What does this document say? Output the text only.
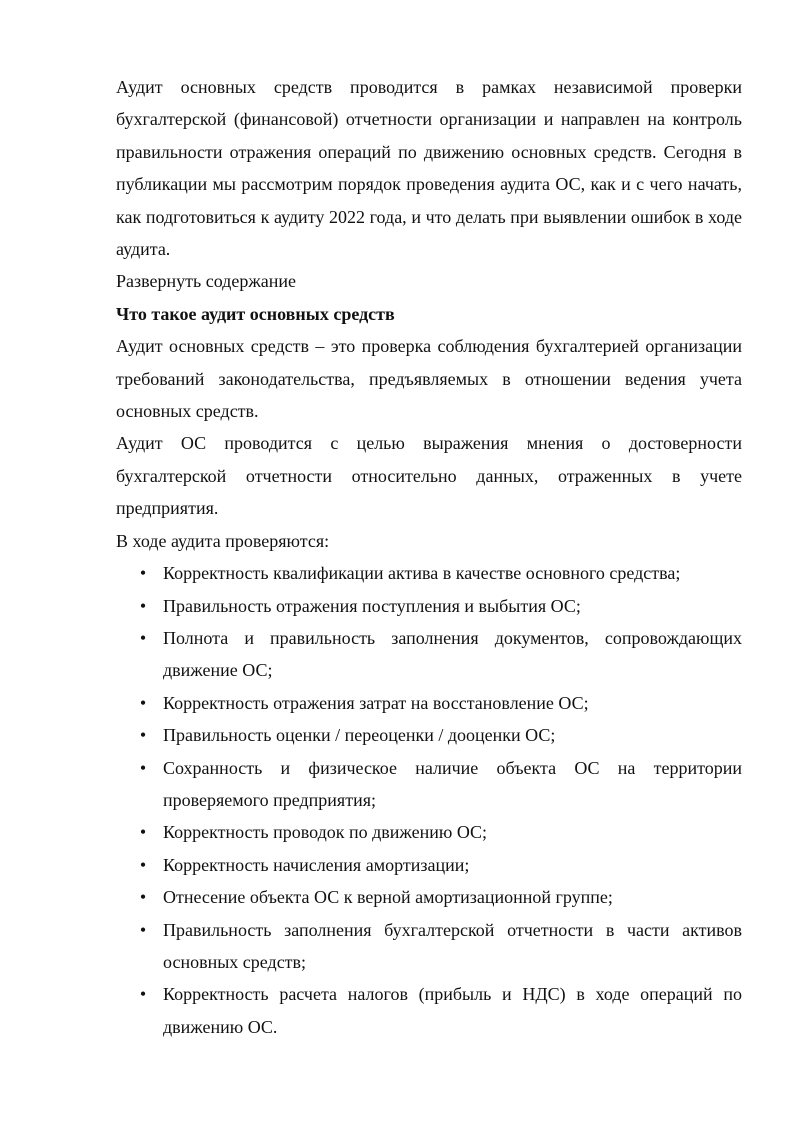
Аудит основных средств проводится в рамках независимой проверки бухгалтерской (финансовой) отчетности организации и направлен на контроль правильности отражения операций по движению основных средств. Сегодня в публикации мы рассмотрим порядок проведения аудита ОС, как и с чего начать, как подготовиться к аудиту 2022 года, и что делать при выявлении ошибок в ходе аудита.

Развернуть содержание

Что такое аудит основных средств

Аудит основных средств – это проверка соблюдения бухгалтерией организации требований законодательства, предъявляемых в отношении ведения учета основных средств.

Аудит ОС проводится с целью выражения мнения о достоверности бухгалтерской отчетности относительно данных, отраженных в учете предприятия.

В ходе аудита проверяются:

• Корректность квалификации актива в качестве основного средства;
• Правильность отражения поступления и выбытия ОС;
• Полнота и правильность заполнения документов, сопровождающих движение ОС;
• Корректность отражения затрат на восстановление ОС;
• Правильность оценки / переоценки / дооценки ОС;
• Сохранность и физическое наличие объекта ОС на территории проверяемого предприятия;
• Корректность проводок по движению ОС;
• Корректность начисления амортизации;
• Отнесение объекта ОС к верной амортизационной группе;
• Правильность заполнения бухгалтерской отчетности в части активов основных средств;
• Корректность расчета налогов (прибыль и НДС) в ходе операций по движению ОС.
